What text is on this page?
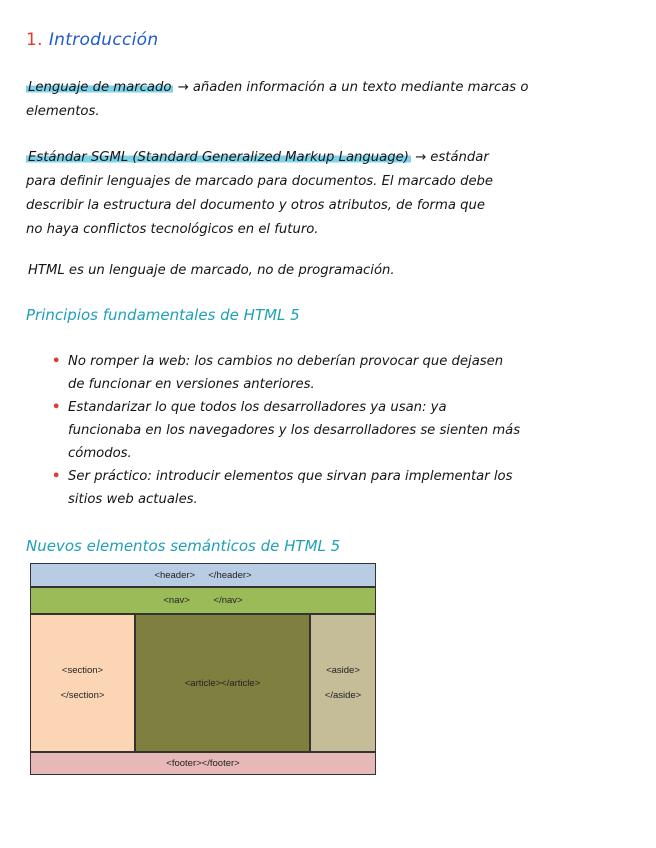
1. Introducción
Lenguaje de marcado → añaden información a un texto mediante marcas o
elementos.
Estándar SGML (Standard Generalized Markup Language) → estándar
para definir lenguajes de marcado para documentos. El marcado debe
describir la estructura del documento y otros atributos, de forma que
no haya conflictos tecnológicos en el futuro.
HTML es un lenguaje de marcado, no de programación.
Principios fundamentales de HTML 5
• No romper la web: los cambios no deberían provocar que dejasen
de funcionar en versiones anteriores.
• Estandarizar lo que todos los desarrolladores ya usan: ya
funcionaba en los navegadores y los desarrolladores se sienten más
cómodos.
• Ser práctico: introducir elementos que sirvan para implementar los
sitios web actuales.
Nuevos elementos semánticos de HTML 5
<header>     </header>
<nav>         </nav>
<section>
</section>
<article></article>
<aside>
</aside>
<footer></footer>
